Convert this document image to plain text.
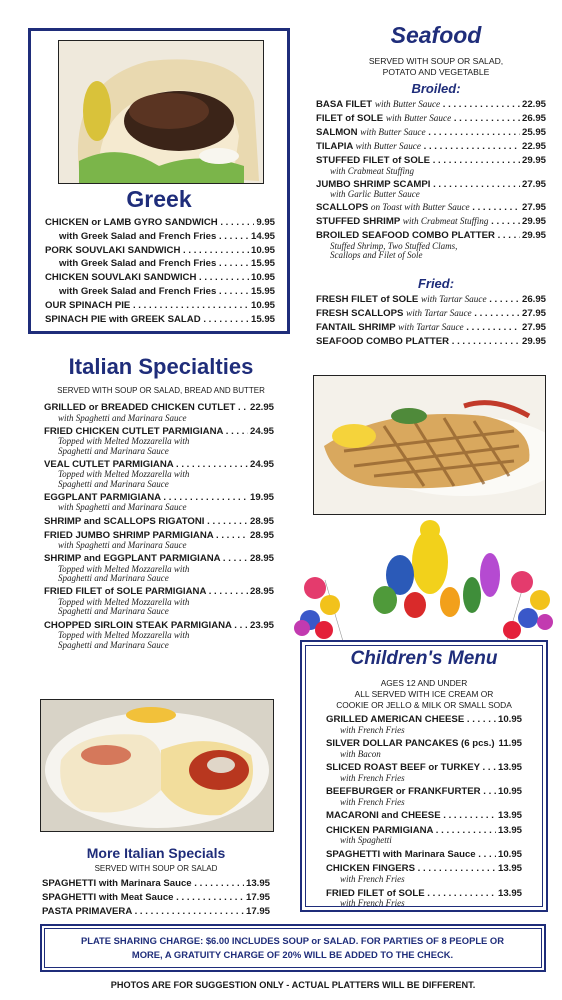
Greek
CHICKEN or LAMB GYRO SANDWICH . . .	9.95
with Greek Salad and French Fries . . .	14.95
PORK SOUVLAKI SANDWICH . . .	10.95
with Greek Salad and French Fries . . .	15.95
CHICKEN SOUVLAKI SANDWICH . . .	10.95
with Greek Salad and French Fries . . .	15.95
OUR SPINACH PIE . . .	10.95
SPINACH PIE with GREEK SALAD . . .	15.95
Seafood
SERVED WITH SOUP OR SALAD,
POTATO AND VEGETABLE
Broiled:
BASA FILET with Butter Sauce . . .	22.95
FILET of SOLE with Butter Sauce . . .	26.95
SALMON with Butter Sauce . . .	25.95
TILAPIA with Butter Sauce . . .	22.95
STUFFED FILET of SOLE . . .	29.95
with Crabmeat Stuffing
JUMBO SHRIMP SCAMPI . . .	27.95
with Garlic Butter Sauce
SCALLOPS on Toast with Butter Sauce . . .	27.95
STUFFED SHRIMP with Crabmeat Stuffing . . .	29.95
BROILED SEAFOOD COMBO PLATTER . . .	29.95
Stuffed Shrimp, Two Stuffed Clams,
Scallops and Filet of Sole
Fried:
FRESH FILET of SOLE with Tartar Sauce . . .	26.95
FRESH SCALLOPS with Tartar Sauce . . .	27.95
FANTAIL SHRIMP with Tartar Sauce . . .	27.95
SEAFOOD COMBO PLATTER . . .	29.95
Italian Specialties
SERVED WITH SOUP OR SALAD, BREAD AND BUTTER
GRILLED or BREADED CHICKEN CUTLET . . .	22.95
with Spaghetti and Marinara Sauce
FRIED CHICKEN CUTLET PARMIGIANA . . .	24.95
Topped with Melted Mozzarella with
Spaghetti and Marinara Sauce
VEAL CUTLET PARMIGIANA . . .	24.95
Topped with Melted Mozzarella with
Spaghetti and Marinara Sauce
EGGPLANT PARMIGIANA . . .	19.95
with Spaghetti and Marinara Sauce
SHRIMP and SCALLOPS RIGATONI . . .	28.95
FRIED JUMBO SHRIMP PARMIGIANA . . .	28.95
with Spaghetti and Marinara Sauce
SHRIMP and EGGPLANT PARMIGIANA . . .	28.95
Topped with Melted Mozzarella with
Spaghetti and Marinara Sauce
FRIED FILET of SOLE PARMIGIANA . . .	28.95
Topped with Melted Mozzarella with
Spaghetti and Marinara Sauce
CHOPPED SIRLOIN STEAK PARMIGIANA . . .	23.95
Topped with Melted Mozzarella with
Spaghetti and Marinara Sauce
More Italian Specials
SERVED WITH SOUP OR SALAD
SPAGHETTI with Marinara Sauce . . .	13.95
SPAGHETTI with Meat Sauce . . .	17.95
PASTA PRIMAVERA . . .	17.95
Children's Menu
AGES 12 AND UNDER
ALL SERVED WITH ICE CREAM OR
COOKIE OR JELLO & MILK OR SMALL SODA
GRILLED AMERICAN CHEESE . . .	10.95
with French Fries
SILVER DOLLAR PANCAKES (6 pcs.) . . . 11.95
with Bacon
SLICED ROAST BEEF or TURKEY . . .	13.95
with French Fries
BEEFBURGER or FRANKFURTER . . .	10.95
with French Fries
MACARONI and CHEESE . . .	13.95
CHICKEN PARMIGIANA . . .	13.95
with Spaghetti
SPAGHETTI with Marinara Sauce . . .	10.95
CHICKEN FINGERS . . .	13.95
with French Fries
FRIED FILET of SOLE . . .	13.95
with French Fries
PLATE SHARING CHARGE: $6.00 INCLUDES SOUP or SALAD. FOR PARTIES OF 8 PEOPLE OR
MORE, A GRATUITY CHARGE OF 20% WILL BE ADDED TO THE CHECK.
PHOTOS ARE FOR SUGGESTION ONLY - ACTUAL PLATTERS WILL BE DIFFERENT.
